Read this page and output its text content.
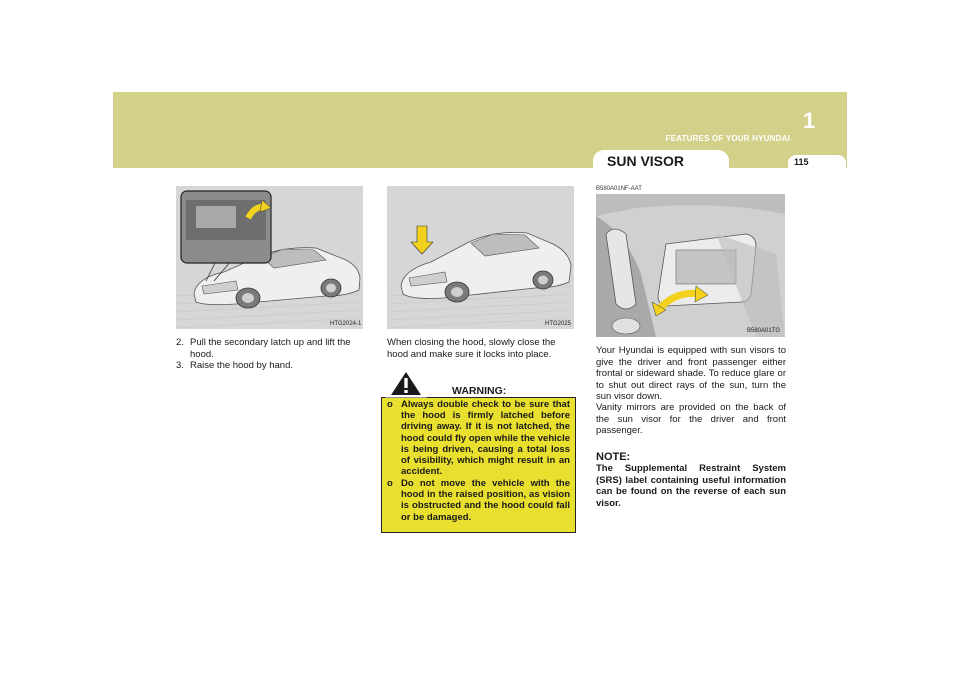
1
FEATURES OF YOUR HYUNDAI
SUN VISOR	115
HTG2024-1	HTG2025
B580A01NF-AAT
B580A01TG
2. Pull the secondary latch up and lift the hood.
3. Raise the hood by hand.
When closing the hood, slowly close the hood and make sure it locks into place.
WARNING:
o Always double check to be sure that the hood is firmly latched before driving away. If it is not latched, the hood could fly open while the vehicle is being driven, causing a total loss of visibility, which might result in an accident.
o Do not move the vehicle with the hood in the raised position, as vision is obstructed and the hood could fall or be damaged.
Your Hyundai is equipped with sun visors to give the driver and front passenger either frontal or sideward shade. To reduce glare or to shut out direct rays of the sun, turn the sun visor down.
Vanity mirrors are provided on the back of the sun visor for the driver and front passenger.
NOTE:
The Supplemental Restraint System (SRS) label containing useful information can be found on the reverse of each sun visor.
